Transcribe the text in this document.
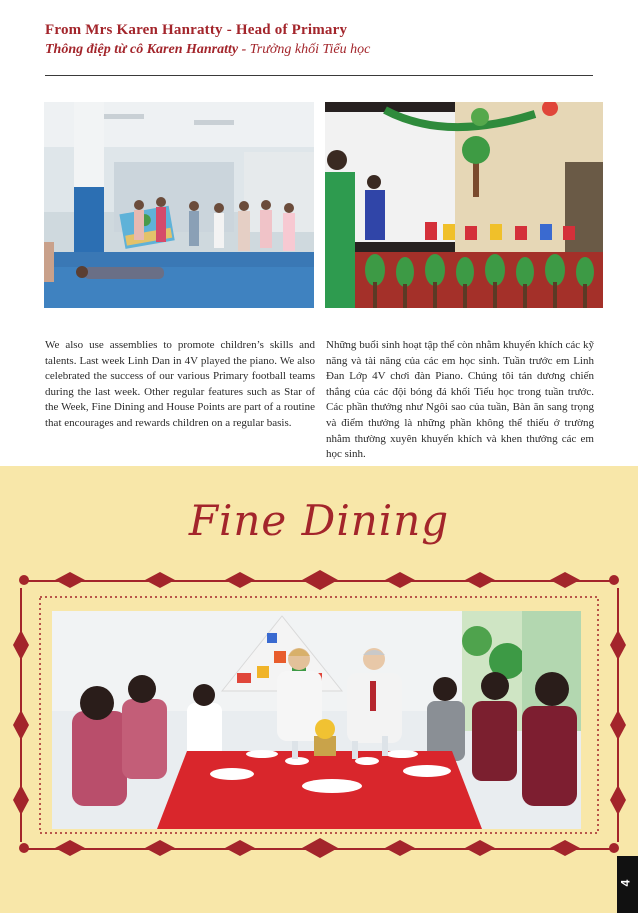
From Mrs Karen Hanratty - Head of Primary
Thông điệp từ cô Karen Hanratty - Trưởng khối Tiểu học
We also use assemblies to promote children’s skills and talents. Last week Linh Dan in 4V played the piano. We also celebrated the success of our various Primary football teams during the last week. Other regular features such as Star of the Week, Fine Dining and House Points are part of a routine that encourages and rewards children on a regular basis.
Những buổi sinh hoạt tập thể còn nhằm khuyến khích các kỹ năng và tài năng của các em học sinh. Tuần trước em Linh Đan Lớp 4V chơi đàn Piano. Chúng tôi tán dương chiến thắng của các đội bóng đá khối Tiểu học trong tuần trước. Các phần thưởng như Ngôi sao của tuần, Bàn ăn sang trọng và điểm thưởng là những phần không thể thiếu ở trường nhằm thường xuyên khuyến khích và khen thưởng các em học sinh.
Fine Dining
4
